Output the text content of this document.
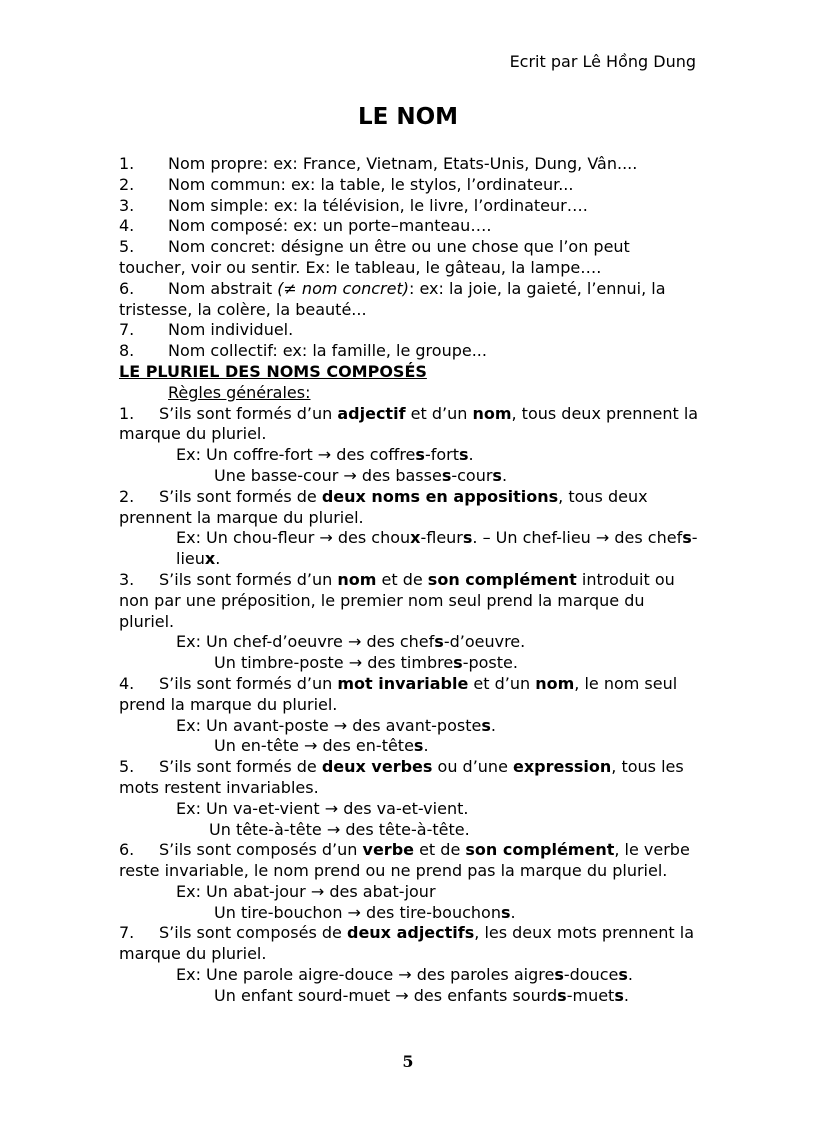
Ecrit par Lê Hồng Dung
LE NOM
1. Nom propre: ex: France, Vietnam, Etats-Unis, Dung, Vân....
2. Nom commun: ex: la table, le stylos, l’ordinateur...
3. Nom simple: ex: la télévision, le livre, l’ordinateur….
4. Nom composé: ex: un porte–manteau….
5. Nom concret: désigne un être ou une chose que l’on peut toucher, voir ou sentir. Ex: le tableau, le gâteau, la lampe….
6. Nom abstrait (≠ nom concret): ex: la joie, la gaieté, l’ennui, la tristesse, la colère, la beauté...
7. Nom individuel.
8. Nom collectif: ex: la famille, le groupe...
LE PLURIEL DES NOMS COMPOSÉS
Règles générales:
1. S’ils sont formés d’un adjectif et d’un nom, tous deux prennent la marque du pluriel.
Ex: Un coffre-fort → des coffres-forts.
Une basse-cour → des basses-cours.
2. S’ils sont formés de deux noms en appositions, tous deux prennent la marque du pluriel.
Ex: Un chou-fleur → des choux-fleurs. – Un chef-lieu → des chefs-lieux.
3. S’ils sont formés d’un nom et de son complément introduit ou non par une préposition, le premier nom seul prend la marque du pluriel.
Ex: Un chef-d’oeuvre → des chefs-d’oeuvre.
Un timbre-poste → des timbres-poste.
4. S’ils sont formés d’un mot invariable et d’un nom, le nom seul prend la marque du pluriel.
Ex: Un avant-poste → des avant-postes.
Un en-tête → des en-têtes.
5. S’ils sont formés de deux verbes ou d’une expression, tous les mots restent invariables.
Ex: Un va-et-vient → des va-et-vient.
Un tête-à-tête → des tête-à-tête.
6. S’ils sont composés d’un verbe et de son complément, le verbe reste invariable, le nom prend ou ne prend pas la marque du pluriel.
Ex: Un abat-jour → des abat-jour
Un tire-bouchon → des tire-bouchons.
7. S’ils sont composés de deux adjectifs, les deux mots prennent la marque du pluriel.
Ex: Une parole aigre-douce → des paroles aigres-douces.
Un enfant sourd-muet → des enfants sourds-muets.
5
